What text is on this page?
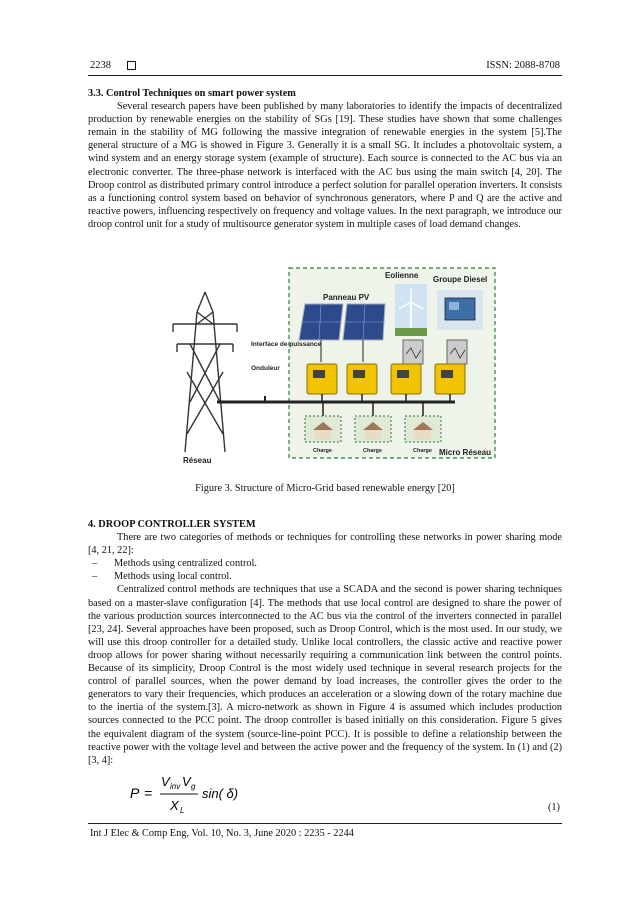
2238	ISSN: 2088-8708
3.3. Control Techniques on smart power system

Several research papers have been published by many laboratories to identify the impacts of decentralized production by renewable energies on the stability of SGs [19]. These studies have shown that some challenges remain in the stability of MG following the massive integration of renewable energies in the system [5].The general structure of a MG is showed in Figure 3. Generally it is a small SG. It includes a photovoltaic system, a wind system and an energy storage system (example of structure). Each source is connected to the AC bus via an electronic converter. The three-phase network is interfaced with the AC bus using the main switch [4, 20]. The Droop control as distributed primary control introduce a perfect solution for parallel operation inverters. It consists as a functioning control system based on behavior of synchronous generators, where P and Q are the active and reactive powers, influencing respectively on frequency and voltage values. In the next paragraph, we introduce our droop control unit for a study of multisource generator system in multiple cases of load demand changes.

Eolienne Groupe Diesel
Panneau PV
Interface de puissance
Onduleur
Réseau
Micro Réseau
Charge	Charge	Charge
Figure 3. Structure of Micro-Grid based renewable energy [20]
4. DROOP CONTROLLER SYSTEM

There are two categories of methods or techniques for controlling these networks in power sharing mode [4, 21, 22]:

– Methods using centralized control.

– Methods using local control.

Centralized control methods are techniques that use a SCADA and the second is power sharing techniques based on a master-slave configuration [4]. The methods that use local control are designed to share the power of the various production sources interconnected to the AC bus via the control of the inverters connected in parallel [23, 24]. Several approaches have been proposed, such as Droop Control, which is the most used. In our study, we will use this droop controller for a detailed study. Unlike local controllers, the classic active and reactive power droop allows for power sharing without necessarily requiring a communication link between the control points. Because of its simplicity, Droop Control is the most widely used technique in several research projects for the control of parallel sources, when the power demand by load increases, the controller gives the order to the generators to vary their frequencies, which produces an acceleration or a slowing down of the rotary machine due to the inertia of the system.[3]. A micro-network as shown in Figure 4 is assumed which includes production sources connected to the PCC point. The droop controller is based initially on this consideration. Figure 5 gives the equivalent diagram of the system (source-line-point PCC). It is possible to define a relationship between the reactive power with the voltage level and between the active power and the frequency of the system. In (1) and (2) [3, 4]:

P =
V inv V g
X L
sin( δ)
(1)
Int J Elec & Comp Eng, Vol. 10, No. 3, June 2020 : 2235 - 2244
